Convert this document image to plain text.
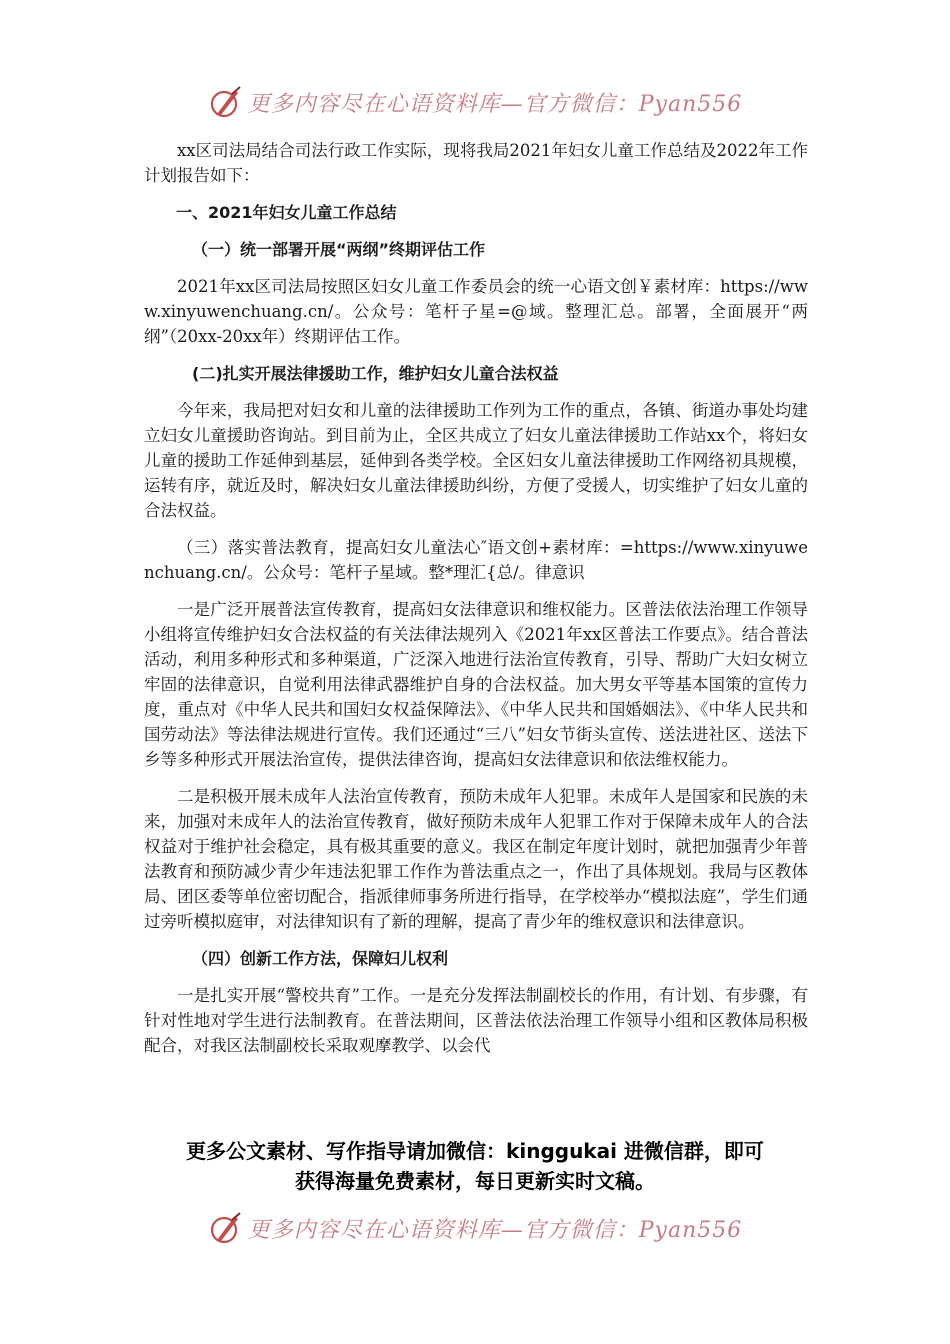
更多内容尽在心语资料库—官方微信：Pyan556

xx区司法局结合司法行政工作实际，现将我局2021年妇女儿童工作总结及2022年工作计划报告如下：

一、2021年妇女儿童工作总结

（一）统一部署开展“两纲”终期评估工作

2021年xx区司法局按照区妇女儿童工作委员会的统一心语文创￥素材库：https://www.xinyuwenchuang.cn/。公众号：笔杆子星=@域。整理汇总。部署，全面展开“两纲”（20xx-20xx年）终期评估工作。

(二)扎实开展法律援助工作，维护妇女儿童合法权益

今年来，我局把对妇女和儿童的法律援助工作列为工作的重点，各镇、街道办事处均建立妇女儿童援助咨询站。到目前为止，全区共成立了妇女儿童法律援助工作站xx个，将妇女儿童的援助工作延伸到基层，延伸到各类学校。全区妇女儿童法律援助工作网络初具规模，运转有序，就近及时，解决妇女儿童法律援助纠纷，方便了受援人，切实维护了妇女儿童的合法权益。

（三）落实普法教育，提高妇女儿童法心″语文创+素材库：=https://www.xinyuwenchuang.cn/。公众号：笔杆子星域。整*理汇{总/。律意识

一是广泛开展普法宣传教育，提高妇女法律意识和维权能力。区普法依法治理工作领导小组将宣传维护妇女合法权益的有关法律法规列入《2021年xx区普法工作要点》。结合普法活动，利用多种形式和多种渠道，广泛深入地进行法治宣传教育，引导、帮助广大妇女树立牢固的法律意识，自觉利用法律武器维护自身的合法权益。加大男女平等基本国策的宣传力度，重点对《中华人民共和国妇女权益保障法》、《中华人民共和国婚姻法》、《中华人民共和国劳动法》等法律法规进行宣传。我们还通过“三八”妇女节街头宣传、送法进社区、送法下乡等多种形式开展法治宣传，提供法律咨询，提高妇女法律意识和依法维权能力。

二是积极开展未成年人法治宣传教育，预防未成年人犯罪。未成年人是国家和民族的未来，加强对未成年人的法治宣传教育，做好预防未成年人犯罪工作对于保障未成年人的合法权益对于维护社会稳定，具有极其重要的意义。我区在制定年度计划时，就把加强青少年普法教育和预防减少青少年违法犯罪工作作为普法重点之一，作出了具体规划。我局与区教体局、团区委等单位密切配合，指派律师事务所进行指导，在学校举办“模拟法庭”，学生们通过旁听模拟庭审，对法律知识有了新的理解，提高了青少年的维权意识和法律意识。

（四）创新工作方法，保障妇儿权利

一是扎实开展“警校共育”工作。一是充分发挥法制副校长的作用，有计划、有步骤，有针对性地对学生进行法制教育。在普法期间，区普法依法治理工作领导小组和区教体局积极配合，对我区法制副校长采取观摩教学、以会代

更多公文素材、写作指导请加微信：kinggukai 进微信群，即可
获得海量免费素材，每日更新实时文稿。
更多内容尽在心语资料库—官方微信：Pyan556
